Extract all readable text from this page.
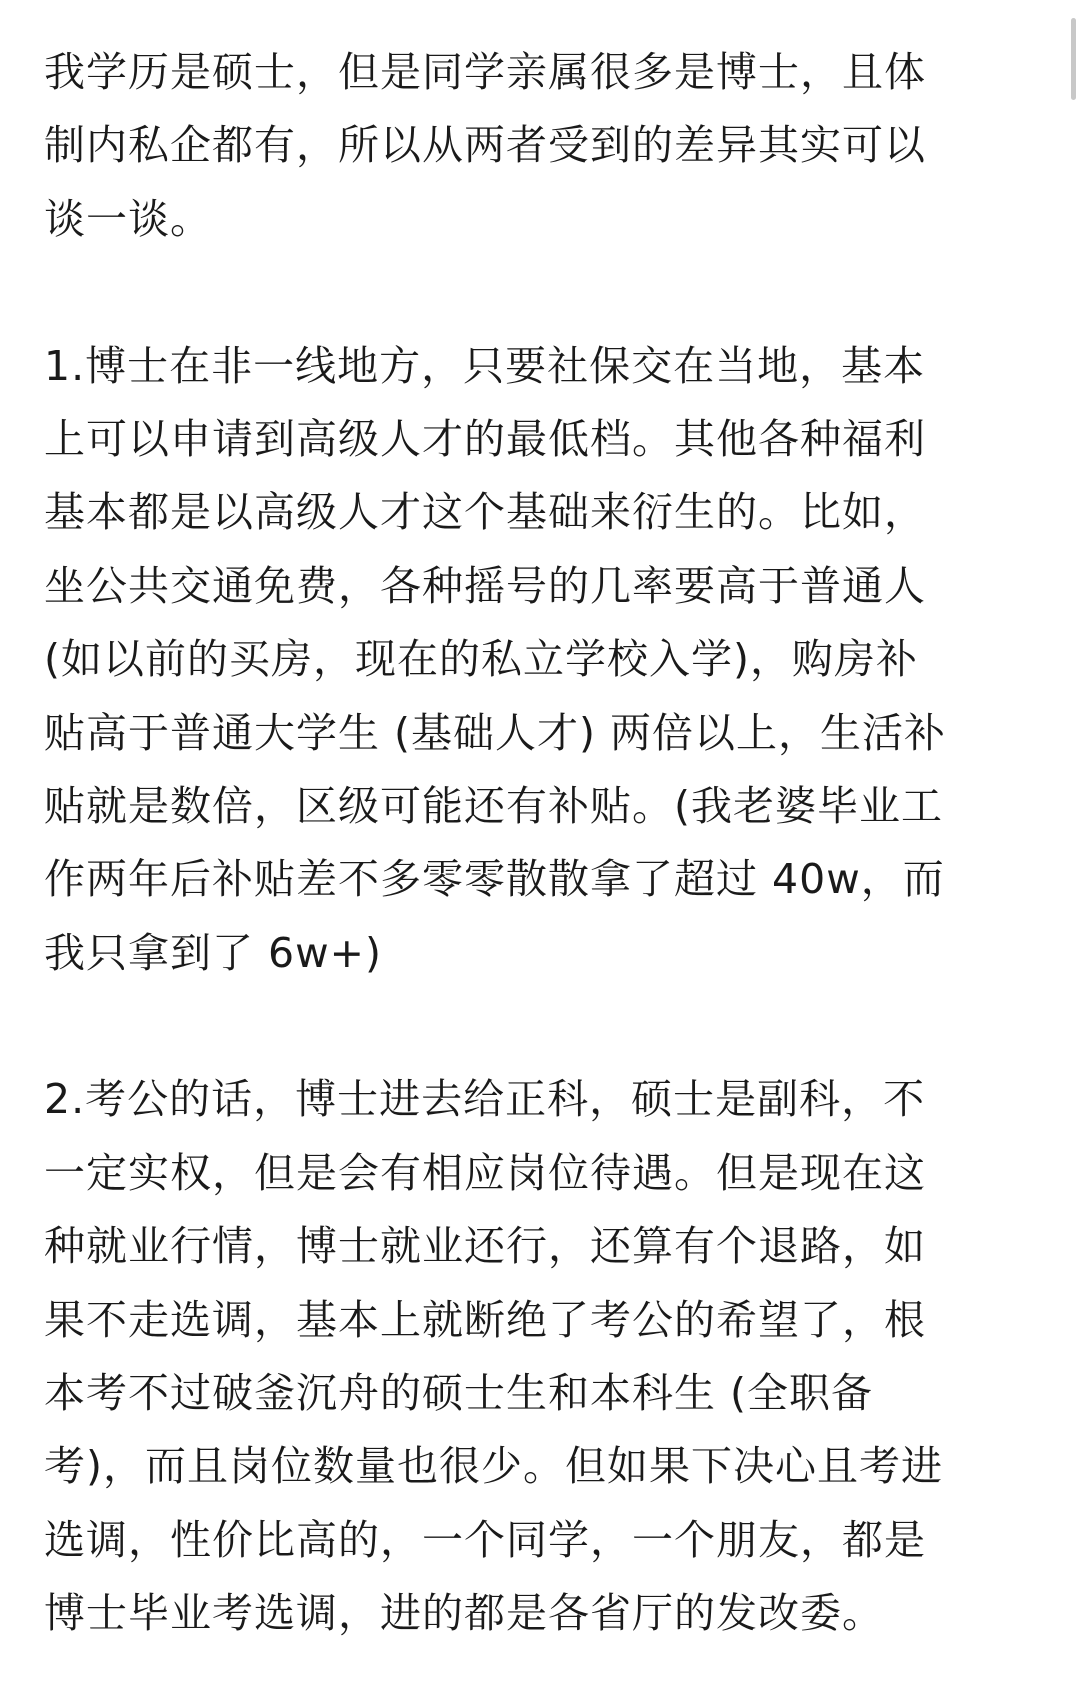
我学历是硕士，但是同学亲属很多是博士，且体
制内私企都有，所以从两者受到的差异其实可以
谈一谈。
1.博士在非一线地方，只要社保交在当地，基本
上可以申请到高级人才的最低档。其他各种福利
基本都是以高级人才这个基础来衍生的。比如，
坐公共交通免费，各种摇号的几率要高于普通人
(如以前的买房，现在的私立学校入学)，购房补
贴高于普通大学生 (基础人才) 两倍以上，生活补
贴就是数倍，区级可能还有补贴。(我老婆毕业工
作两年后补贴差不多零零散散拿了超过 40w，而
我只拿到了 6w+)
2.考公的话，博士进去给正科，硕士是副科，不
一定实权，但是会有相应岗位待遇。但是现在这
种就业行情，博士就业还行，还算有个退路，如
果不走选调，基本上就断绝了考公的希望了，根
本考不过破釜沉舟的硕士生和本科生 (全职备
考)，而且岗位数量也很少。但如果下决心且考进
选调，性价比高的，一个同学，一个朋友，都是
博士毕业考选调，进的都是各省厅的发改委。
